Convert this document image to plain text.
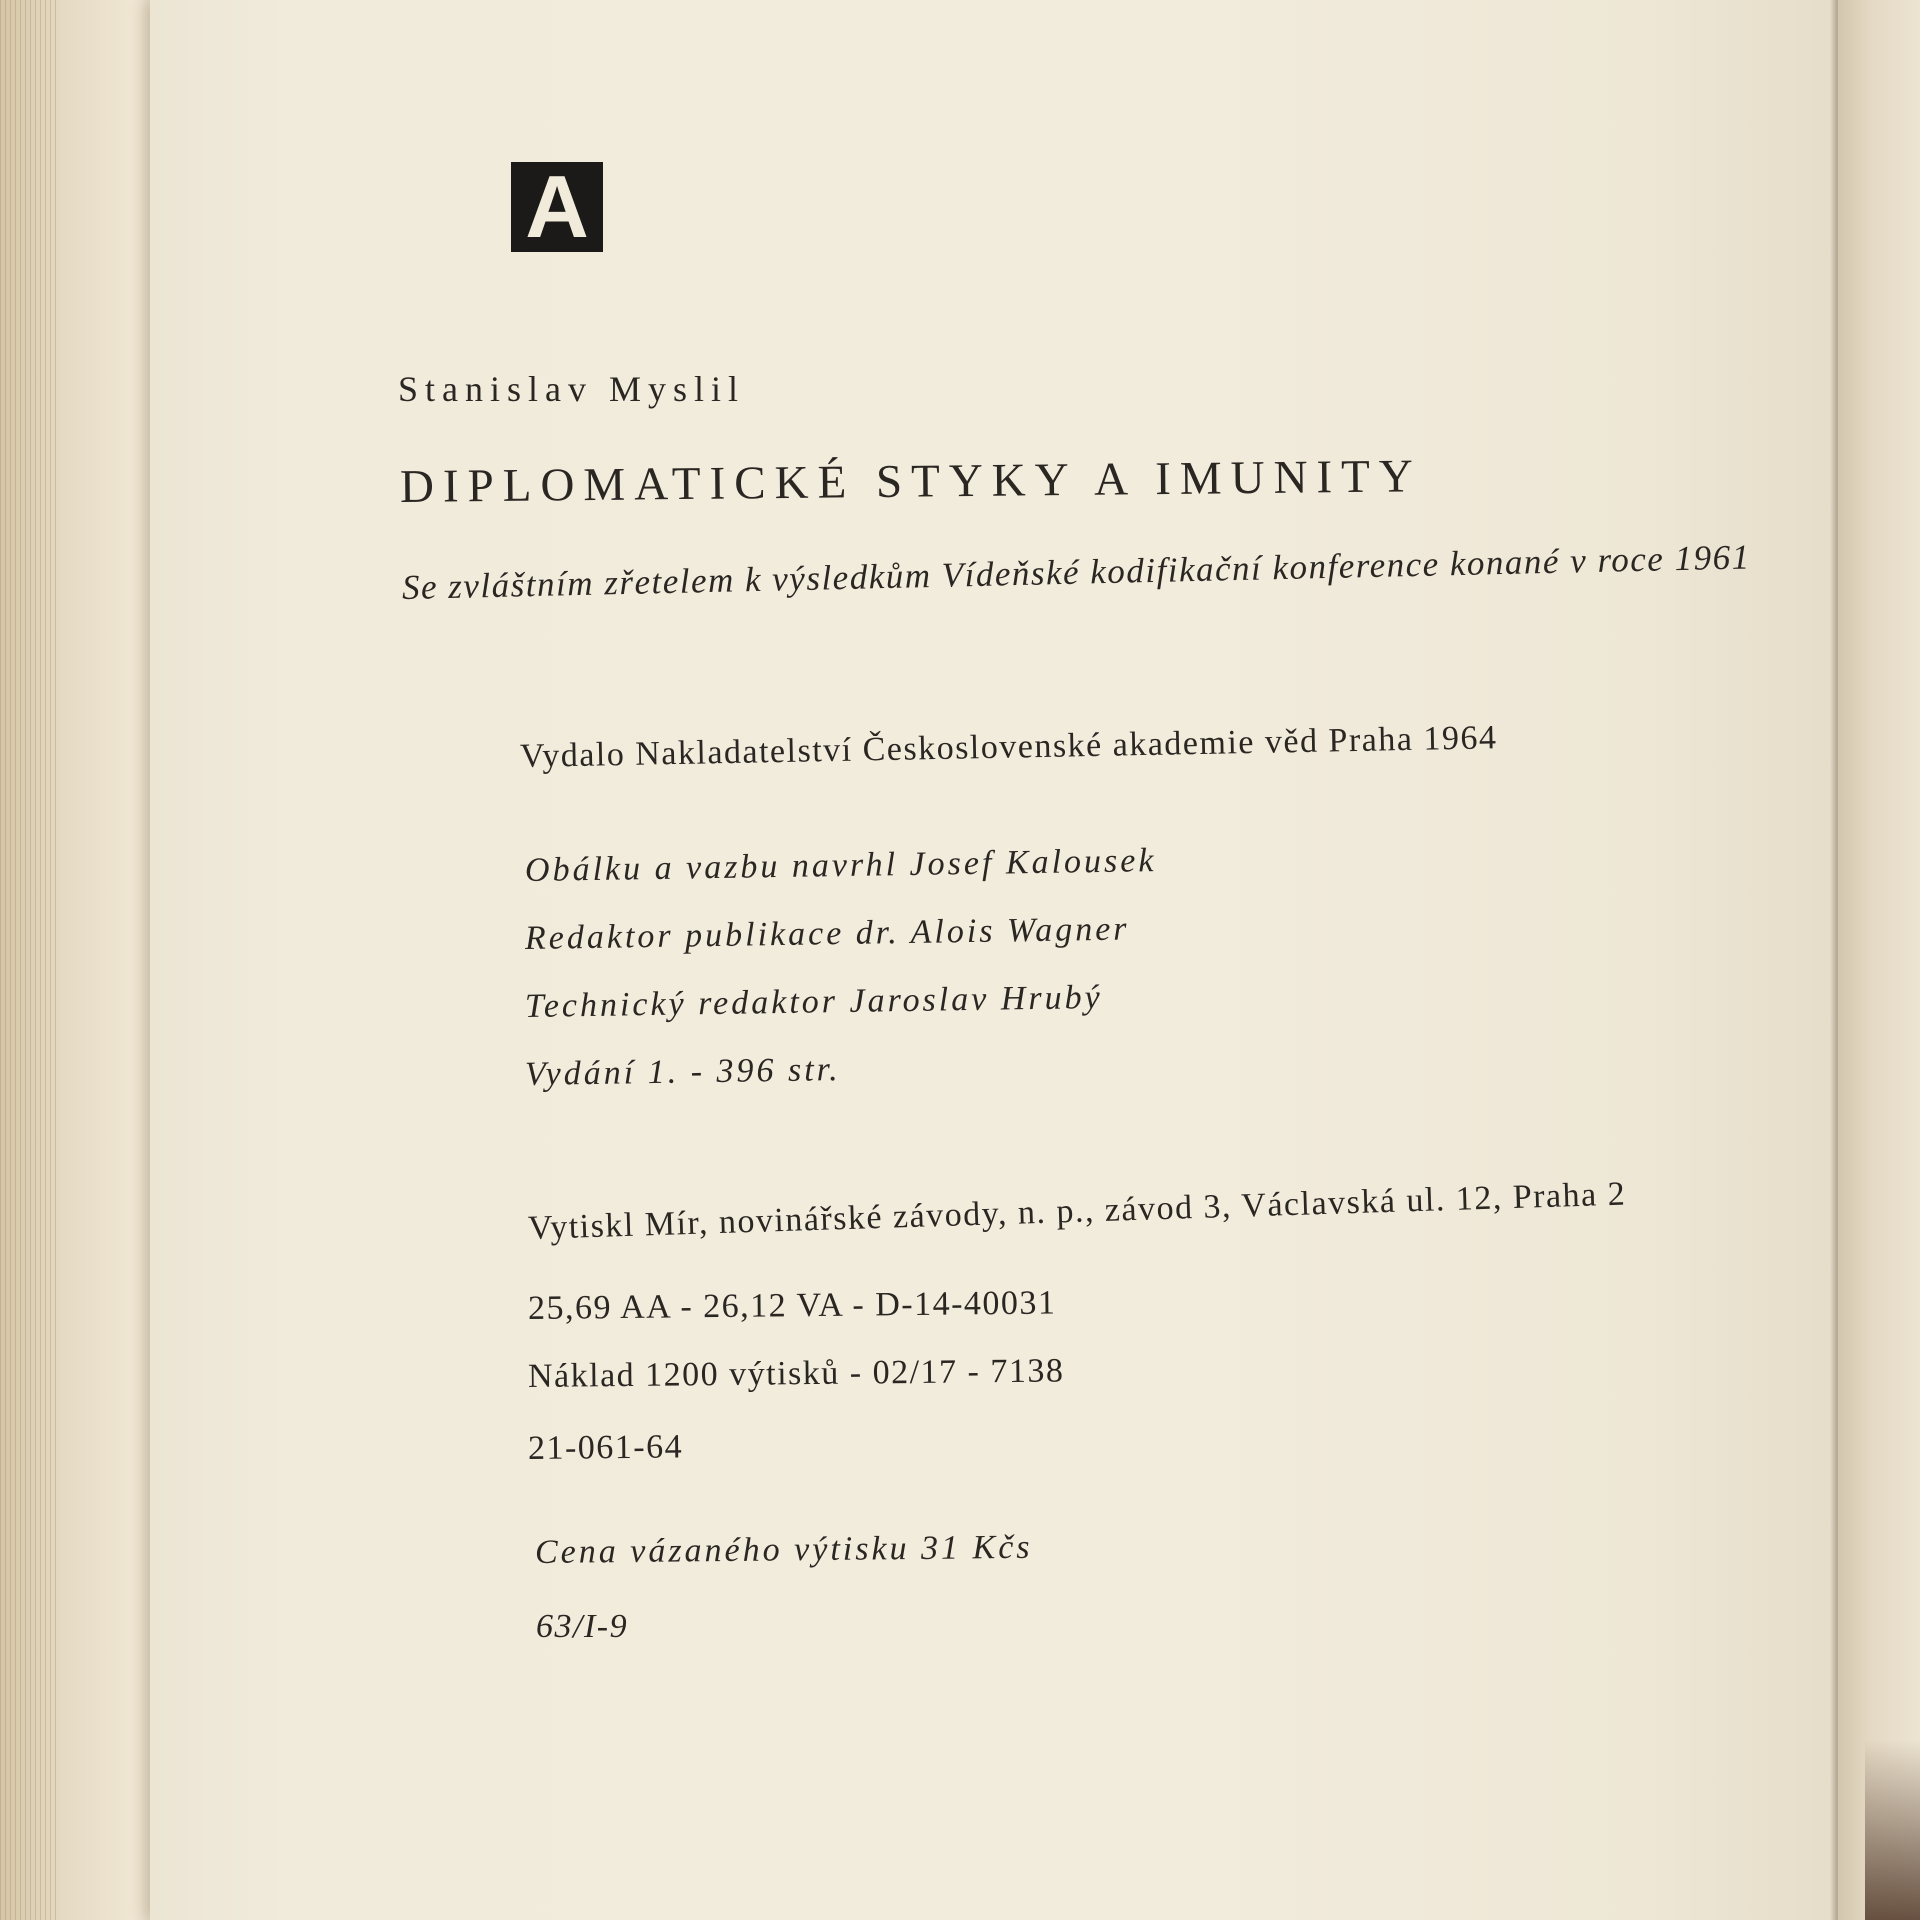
A
Stanislav Myslil
DIPLOMATICKÉ STYKY A IMUNITY
Se zvláštním zřetelem k výsledkům Vídeňské kodifikační konference konané v roce 1961
Vydalo Nakladatelství Československé akademie věd Praha 1964
Obálku a vazbu navrhl Josef Kalousek
Redaktor publikace dr. Alois Wagner
Technický redaktor Jaroslav Hrubý
Vydání 1. - 396 str.
Vytiskl Mír, novinářské závody, n. p., závod 3, Václavská ul. 12, Praha 2
25,69 AA - 26,12 VA - D-14-40031
Náklad 1200 výtisků - 02/17 - 7138
21-061-64
Cena vázaného výtisku 31 Kčs
63/I-9
